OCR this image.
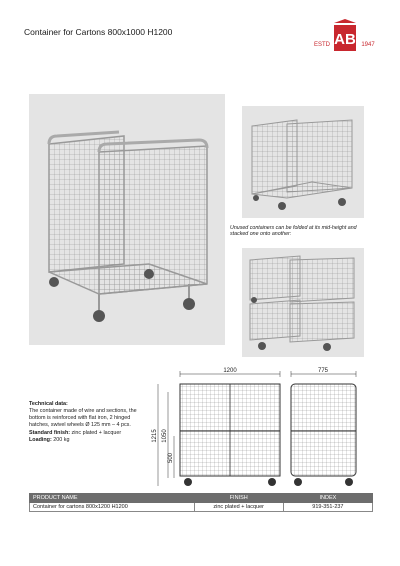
Container for Cartons 800x1000 H1200	AB
ESTD	1947
Unused containers can be folded at its mid-height and stacked one onto another:
Technical data:
The container made of wire and sections, the bottom is reinforced with flat iron, 2 hinged hatches, swivel wheels Ø 125 mm – 4 pcs.
Standard finish: zinc plated + lacquer
Loading: 200 kg
1200
1215 1050
500
775
PRODUCT NAME	FINISH	INDEX
Container for cartons 800x1200 H1200	zinc plated + lacquer	919-351-237
